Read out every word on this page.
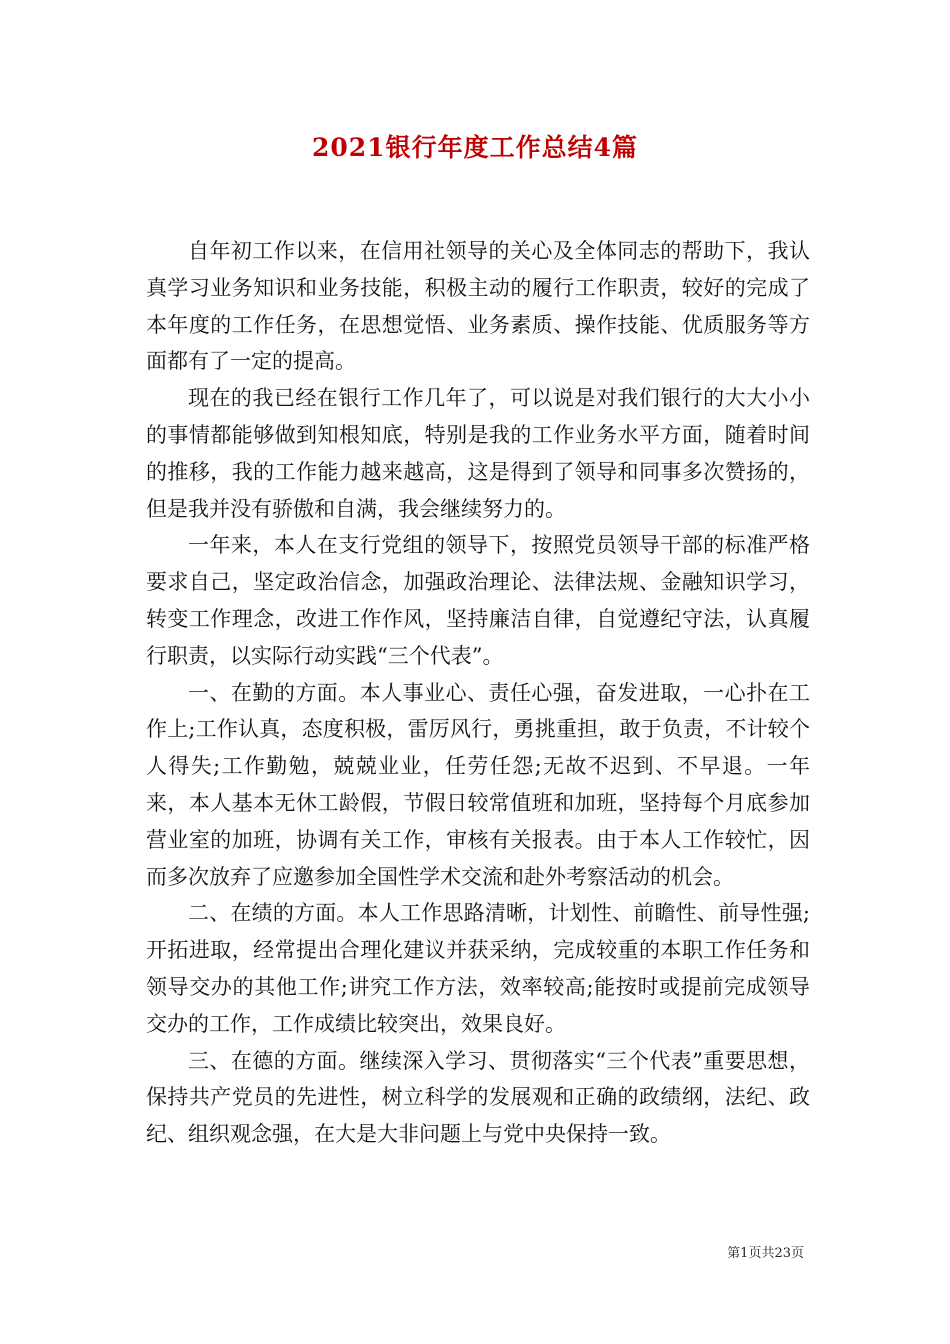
2021银行年度工作总结4篇

自年初工作以来，在信用社领导的关心及全体同志的帮助下，我认真学习业务知识和业务技能，积极主动的履行工作职责，较好的完成了本年度的工作任务，在思想觉悟、业务素质、操作技能、优质服务等方面都有了一定的提高。

现在的我已经在银行工作几年了，可以说是对我们银行的大大小小的事情都能够做到知根知底，特别是我的工作业务水平方面，随着时间的推移，我的工作能力越来越高，这是得到了领导和同事多次赞扬的，但是我并没有骄傲和自满，我会继续努力的。

一年来，本人在支行党组的领导下，按照党员领导干部的标准严格要求自己，坚定政治信念，加强政治理论、法律法规、金融知识学习，转变工作理念，改进工作作风，坚持廉洁自律，自觉遵纪守法，认真履行职责，以实际行动实践“三个代表”。

一、在勤的方面。本人事业心、责任心强，奋发进取，一心扑在工作上;工作认真，态度积极，雷厉风行，勇挑重担，敢于负责，不计较个人得失;工作勤勉，兢兢业业，任劳任怨;无故不迟到、不早退。一年来，本人基本无休工龄假，节假日较常值班和加班，坚持每个月底参加营业室的加班，协调有关工作，审核有关报表。由于本人工作较忙，因而多次放弃了应邀参加全国性学术交流和赴外考察活动的机会。

二、在绩的方面。本人工作思路清晰，计划性、前瞻性、前导性强;开拓进取，经常提出合理化建议并获采纳，完成较重的本职工作任务和领导交办的其他工作;讲究工作方法，效率较高;能按时或提前完成领导交办的工作，工作成绩比较突出，效果良好。

三、在德的方面。继续深入学习、贯彻落实“三个代表”重要思想，保持共产党员的先进性，树立科学的发展观和正确的政绩纲，法纪、政纪、组织观念强，在大是大非问题上与党中央保持一致。

第1页共23页
